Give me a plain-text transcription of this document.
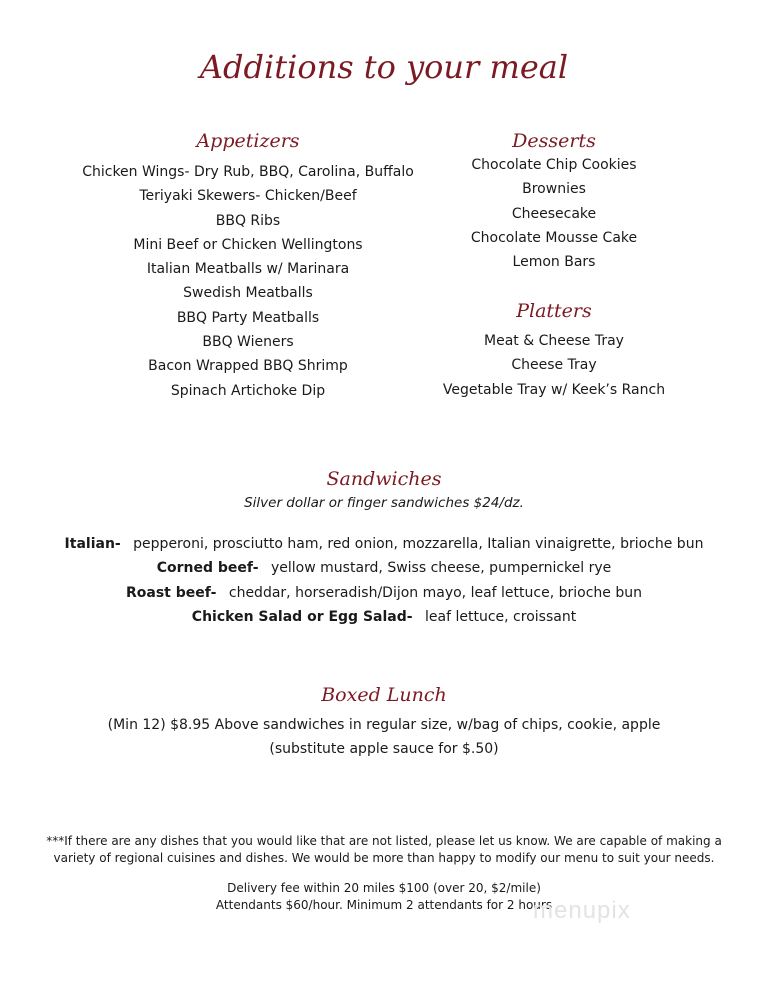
Additions to your meal
Appetizers
Chicken Wings- Dry Rub, BBQ, Carolina, Buffalo
Teriyaki Skewers- Chicken/Beef
BBQ Ribs
Mini Beef or Chicken Wellingtons
Italian Meatballs w/ Marinara
Swedish Meatballs
BBQ Party Meatballs
BBQ Wieners
Bacon Wrapped BBQ Shrimp
Spinach Artichoke Dip
Desserts
Chocolate Chip Cookies
Brownies
Cheesecake
Chocolate Mousse Cake
Lemon Bars
Platters
Meat & Cheese Tray
Cheese Tray
Vegetable Tray w/ Keek’s Ranch
Sandwiches
Silver dollar or finger sandwiches $24/dz.
Italian- pepperoni, prosciutto ham, red onion, mozzarella, Italian vinaigrette, brioche bun
Corned beef- yellow mustard, Swiss cheese, pumpernickel rye
Roast beef- cheddar, horseradish/Dijon mayo, leaf lettuce, brioche bun
Chicken Salad or Egg Salad- leaf lettuce, croissant
Boxed Lunch

(Min 12) $8.95 Above sandwiches in regular size, w/bag of chips, cookie, apple

(substitute apple sauce for $.50)

***If there are any dishes that you would like that are not listed, please let us know. We are capable of making a

variety of regional cuisines and dishes. We would be more than happy to modify our menu to suit your needs.

Delivery fee within 20 miles $100 (over 20, $2/mile)

Attendants $60/hour. Minimum 2 attendants for 2 hours

menupix
